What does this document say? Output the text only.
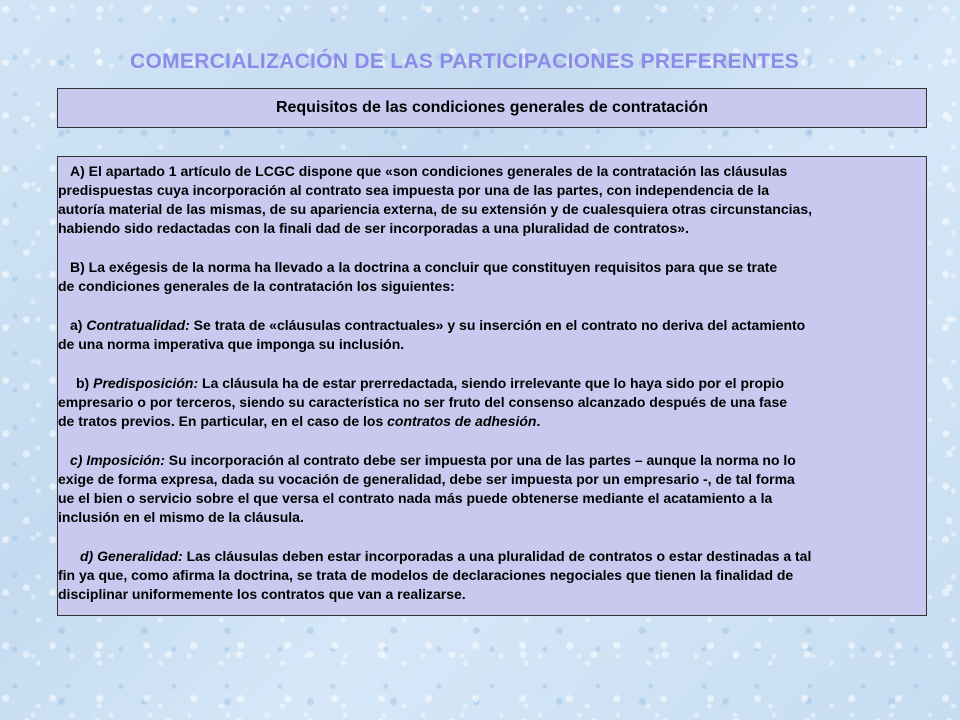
COMERCIALIZACIÓN DE LAS PARTICIPACIONES PREFERENTES
Requisitos de las condiciones generales de contratación

A) El apartado 1 artículo de LCGC dispone que «son condiciones generales de la contratación las cláusulas
predispuestas cuya incorporación al contrato sea impuesta por una de las partes, con independencia de la
autoría material de las mismas, de su apariencia externa, de su extensión y de cualesquiera otras circunstancias,
habiendo sido redactadas con la finali dad de ser incorporadas a una pluralidad de contratos».

B) La exégesis de la norma ha llevado a la doctrina a concluir que constituyen requisitos para que se trate
de condiciones generales de la contratación los siguientes:

a) Contratualidad: Se trata de «cláusulas contractuales» y su inserción en el contrato no deriva del actamiento
de una norma imperativa que imponga su inclusión.

b) Predisposición: La cláusula ha de estar prerredactada, siendo irrelevante que lo haya sido por el propio
empresario o por terceros, siendo su característica no ser fruto del consenso alcanzado después de una fase
de tratos previos. En particular, en el caso de los contratos de adhesión.

c) Imposición: Su incorporación al contrato debe ser impuesta por una de las partes – aunque la norma no lo
exige de forma expresa, dada su vocación de generalidad, debe ser impuesta por un empresario -, de tal forma
ue el bien o servicio sobre el que versa el contrato nada más puede obtenerse mediante el acatamiento a la
inclusión en el mismo de la cláusula.

d) Generalidad: Las cláusulas deben estar incorporadas a una pluralidad de contratos o estar destinadas a tal
fin ya que, como afirma la doctrina, se trata de modelos de declaraciones negociales que tienen la finalidad de
disciplinar uniformemente los contratos que van a realizarse.
